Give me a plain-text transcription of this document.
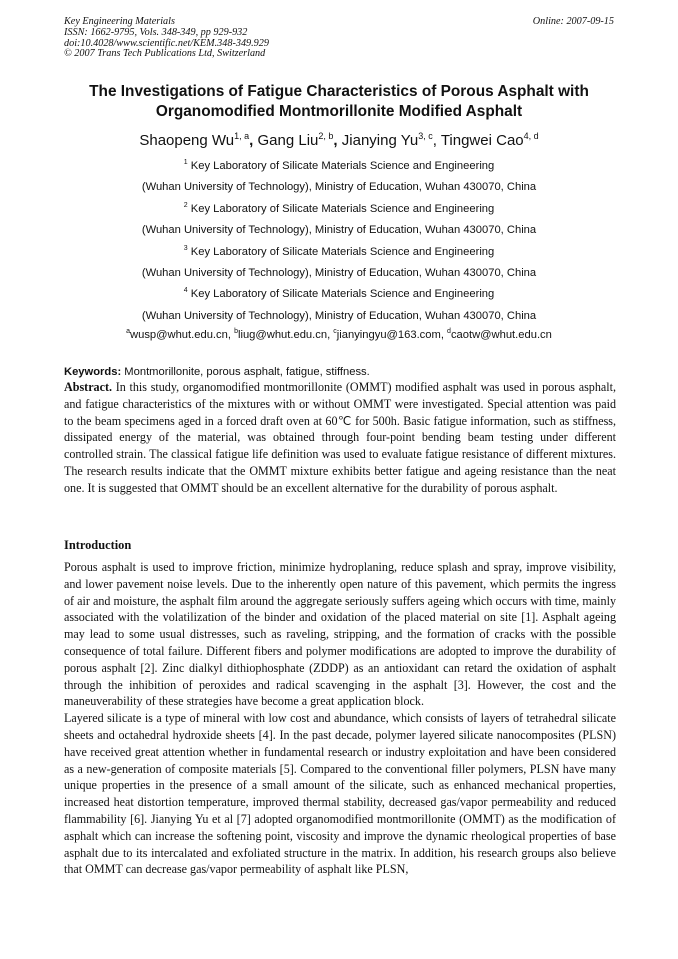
Key Engineering Materials
ISSN: 1662-9795, Vols. 348-349, pp 929-932
doi:10.4028/www.scientific.net/KEM.348-349.929
© 2007 Trans Tech Publications Ltd, Switzerland
Online: 2007-09-15
The Investigations of Fatigue Characteristics of Porous Asphalt with
Organomodified Montmorillonite Modified Asphalt
Shaopeng Wu$^{1, a}$, Gang Liu$^{2, b}$, Jianying Yu$^{3, c}$, Tingwei Cao$^{4, d}$
$^1$ Key Laboratory of Silicate Materials Science and Engineering
(Wuhan University of Technology), Ministry of Education, Wuhan 430070, China
$^2$ Key Laboratory of Silicate Materials Science and Engineering
(Wuhan University of Technology), Ministry of Education, Wuhan 430070, China
$^3$ Key Laboratory of Silicate Materials Science and Engineering
(Wuhan University of Technology), Ministry of Education, Wuhan 430070, China
$^4$ Key Laboratory of Silicate Materials Science and Engineering
(Wuhan University of Technology), Ministry of Education, Wuhan 430070, China
$^a$wusp@whut.edu.cn, $^b$liug@whut.edu.cn, $^c$jianyingyu@163.com, $^d$caotw@whut.edu.cn
Keywords: Montmorillonite, porous asphalt, fatigue, stiffness.
Abstract. In this study, organomodified montmorillonite (OMMT) modified asphalt was used in porous asphalt, and fatigue characteristics of the mixtures with or without OMMT were investigated. Special attention was paid to the beam specimens aged in a forced draft oven at 60℃ for 500h. Basic fatigue information, such as stiffness, dissipated energy of the material, was obtained through four-point bending beam testing under different controlled strain. The classical fatigue life definition was used to evaluate fatigue resistance of different mixtures. The research results indicate that the OMMT mixture exhibits better fatigue and ageing resistance than the neat one. It is suggested that OMMT should be an excellent alternative for the durability of porous asphalt.
Introduction

Porous asphalt is used to improve friction, minimize hydroplaning, reduce splash and spray, improve visibility, and lower pavement noise levels. Due to the inherently open nature of this pavement, which permits the ingress of air and moisture, the asphalt film around the aggregate seriously suffers ageing which occurs with time, mainly associated with the volatilization of the binder and oxidation of the placed material on site [1]. Asphalt ageing may lead to some usual distresses, such as raveling, stripping, and the formation of cracks with the possible consequence of total failure. Different fibers and polymer modifications are adopted to improve the durability of porous asphalt [2]. Zinc dialkyl dithiophosphate (ZDDP) as an antioxidant can retard the oxidation of asphalt through the inhibition of peroxides and radical scavenging in the asphalt [3]. However, the cost and the maneuverability of these strategies have become a great application block.

Layered silicate is a type of mineral with low cost and abundance, which consists of layers of tetrahedral silicate sheets and octahedral hydroxide sheets [4]. In the past decade, polymer layered silicate nanocomposites (PLSN) have received great attention whether in fundamental research or industry exploitation and have been considered as a new-generation of composite materials [5]. Compared to the conventional filler polymers, PLSN have many unique properties in the presence of a small amount of the silicate, such as enhanced mechanical properties, increased heat distortion temperature, improved thermal stability, decreased gas/vapor permeability and reduced flammability [6]. Jianying Yu et al [7] adopted organomodified montmorillonite (OMMT) as the modification of asphalt which can increase the softening point, viscosity and improve the dynamic rheological properties of base asphalt due to its intercalated and exfoliated structure in the matrix. In addition, his research groups also believe that OMMT can decrease gas/vapor permeability of asphalt like PLSN,
